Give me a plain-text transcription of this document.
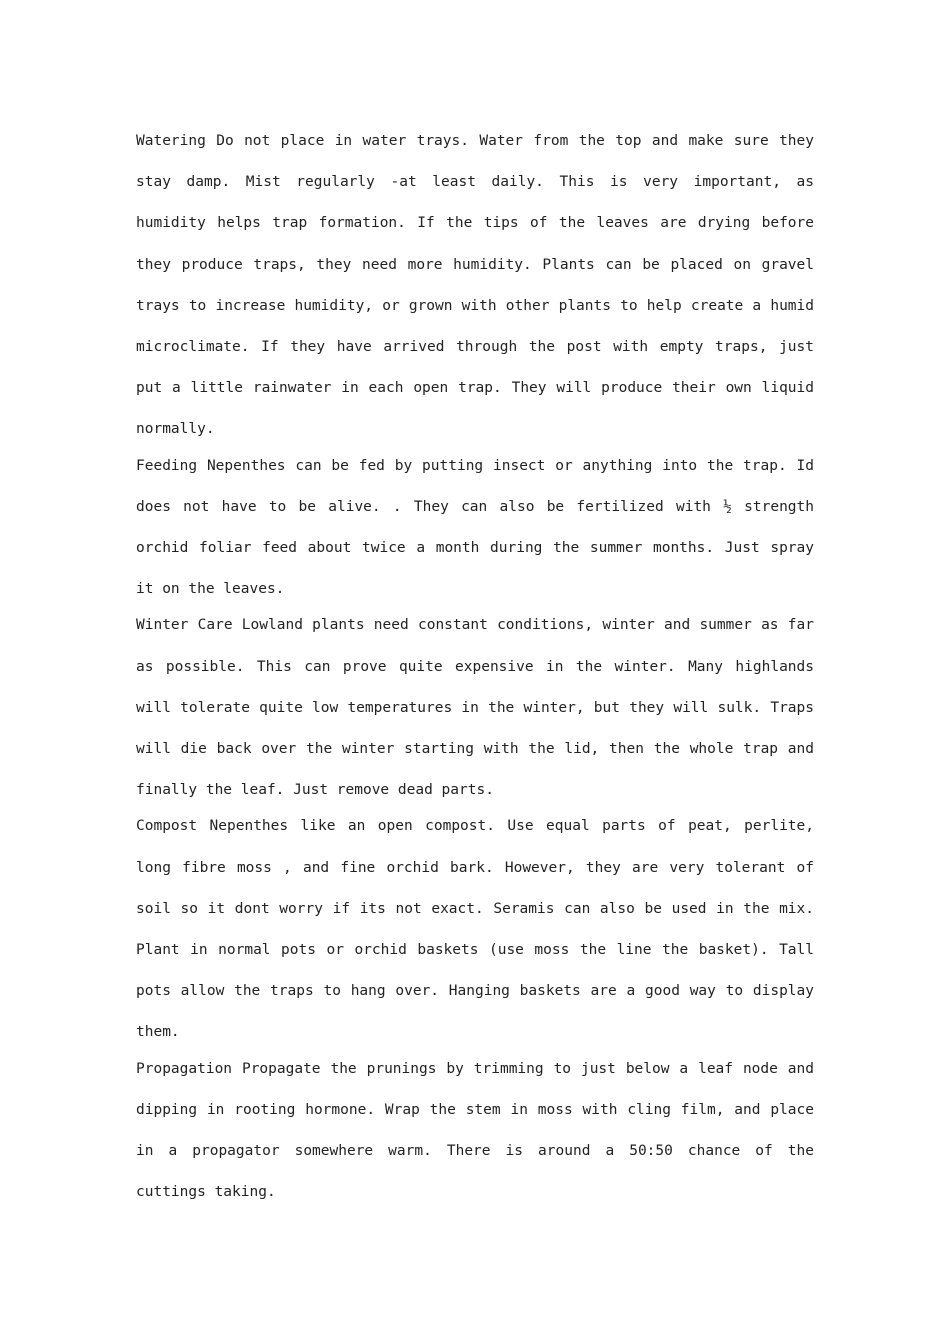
Watering Do not place in water trays. Water from the top and make sure they stay damp. Mist regularly -at least daily. This is very important, as humidity helps trap formation. If the tips of the leaves are drying before they produce traps, they need more humidity. Plants can be placed on gravel trays to increase humidity, or grown with other plants to help create a humid microclimate. If they have arrived through the post with empty traps, just put a little rainwater in each open trap. They will produce their own liquid normally.

Feeding Nepenthes can be fed by putting insect or anything into the trap. Id does not have to be alive. . They can also be fertilized with ½ strength orchid foliar feed about twice a month during the summer months. Just spray it on the leaves.

Winter Care Lowland plants need constant conditions, winter and summer as far as possible. This can prove quite expensive in the winter. Many highlands will tolerate quite low temperatures in the winter, but they will sulk. Traps will die back over the winter starting with the lid, then the whole trap and finally the leaf. Just remove dead parts.

Compost Nepenthes like an open compost. Use equal parts of peat, perlite, long fibre moss , and fine orchid bark. However, they are very tolerant of soil so it dont worry if its not exact. Seramis can also be used in the mix. Plant in normal pots or orchid baskets (use moss the line the basket). Tall pots allow the traps to hang over. Hanging baskets are a good way to display them.

Propagation Propagate the prunings by trimming to just below a leaf node and dipping in rooting hormone. Wrap the stem in moss with cling film, and place in a propagator somewhere warm. There is around a 50:50 chance of the cuttings taking.
